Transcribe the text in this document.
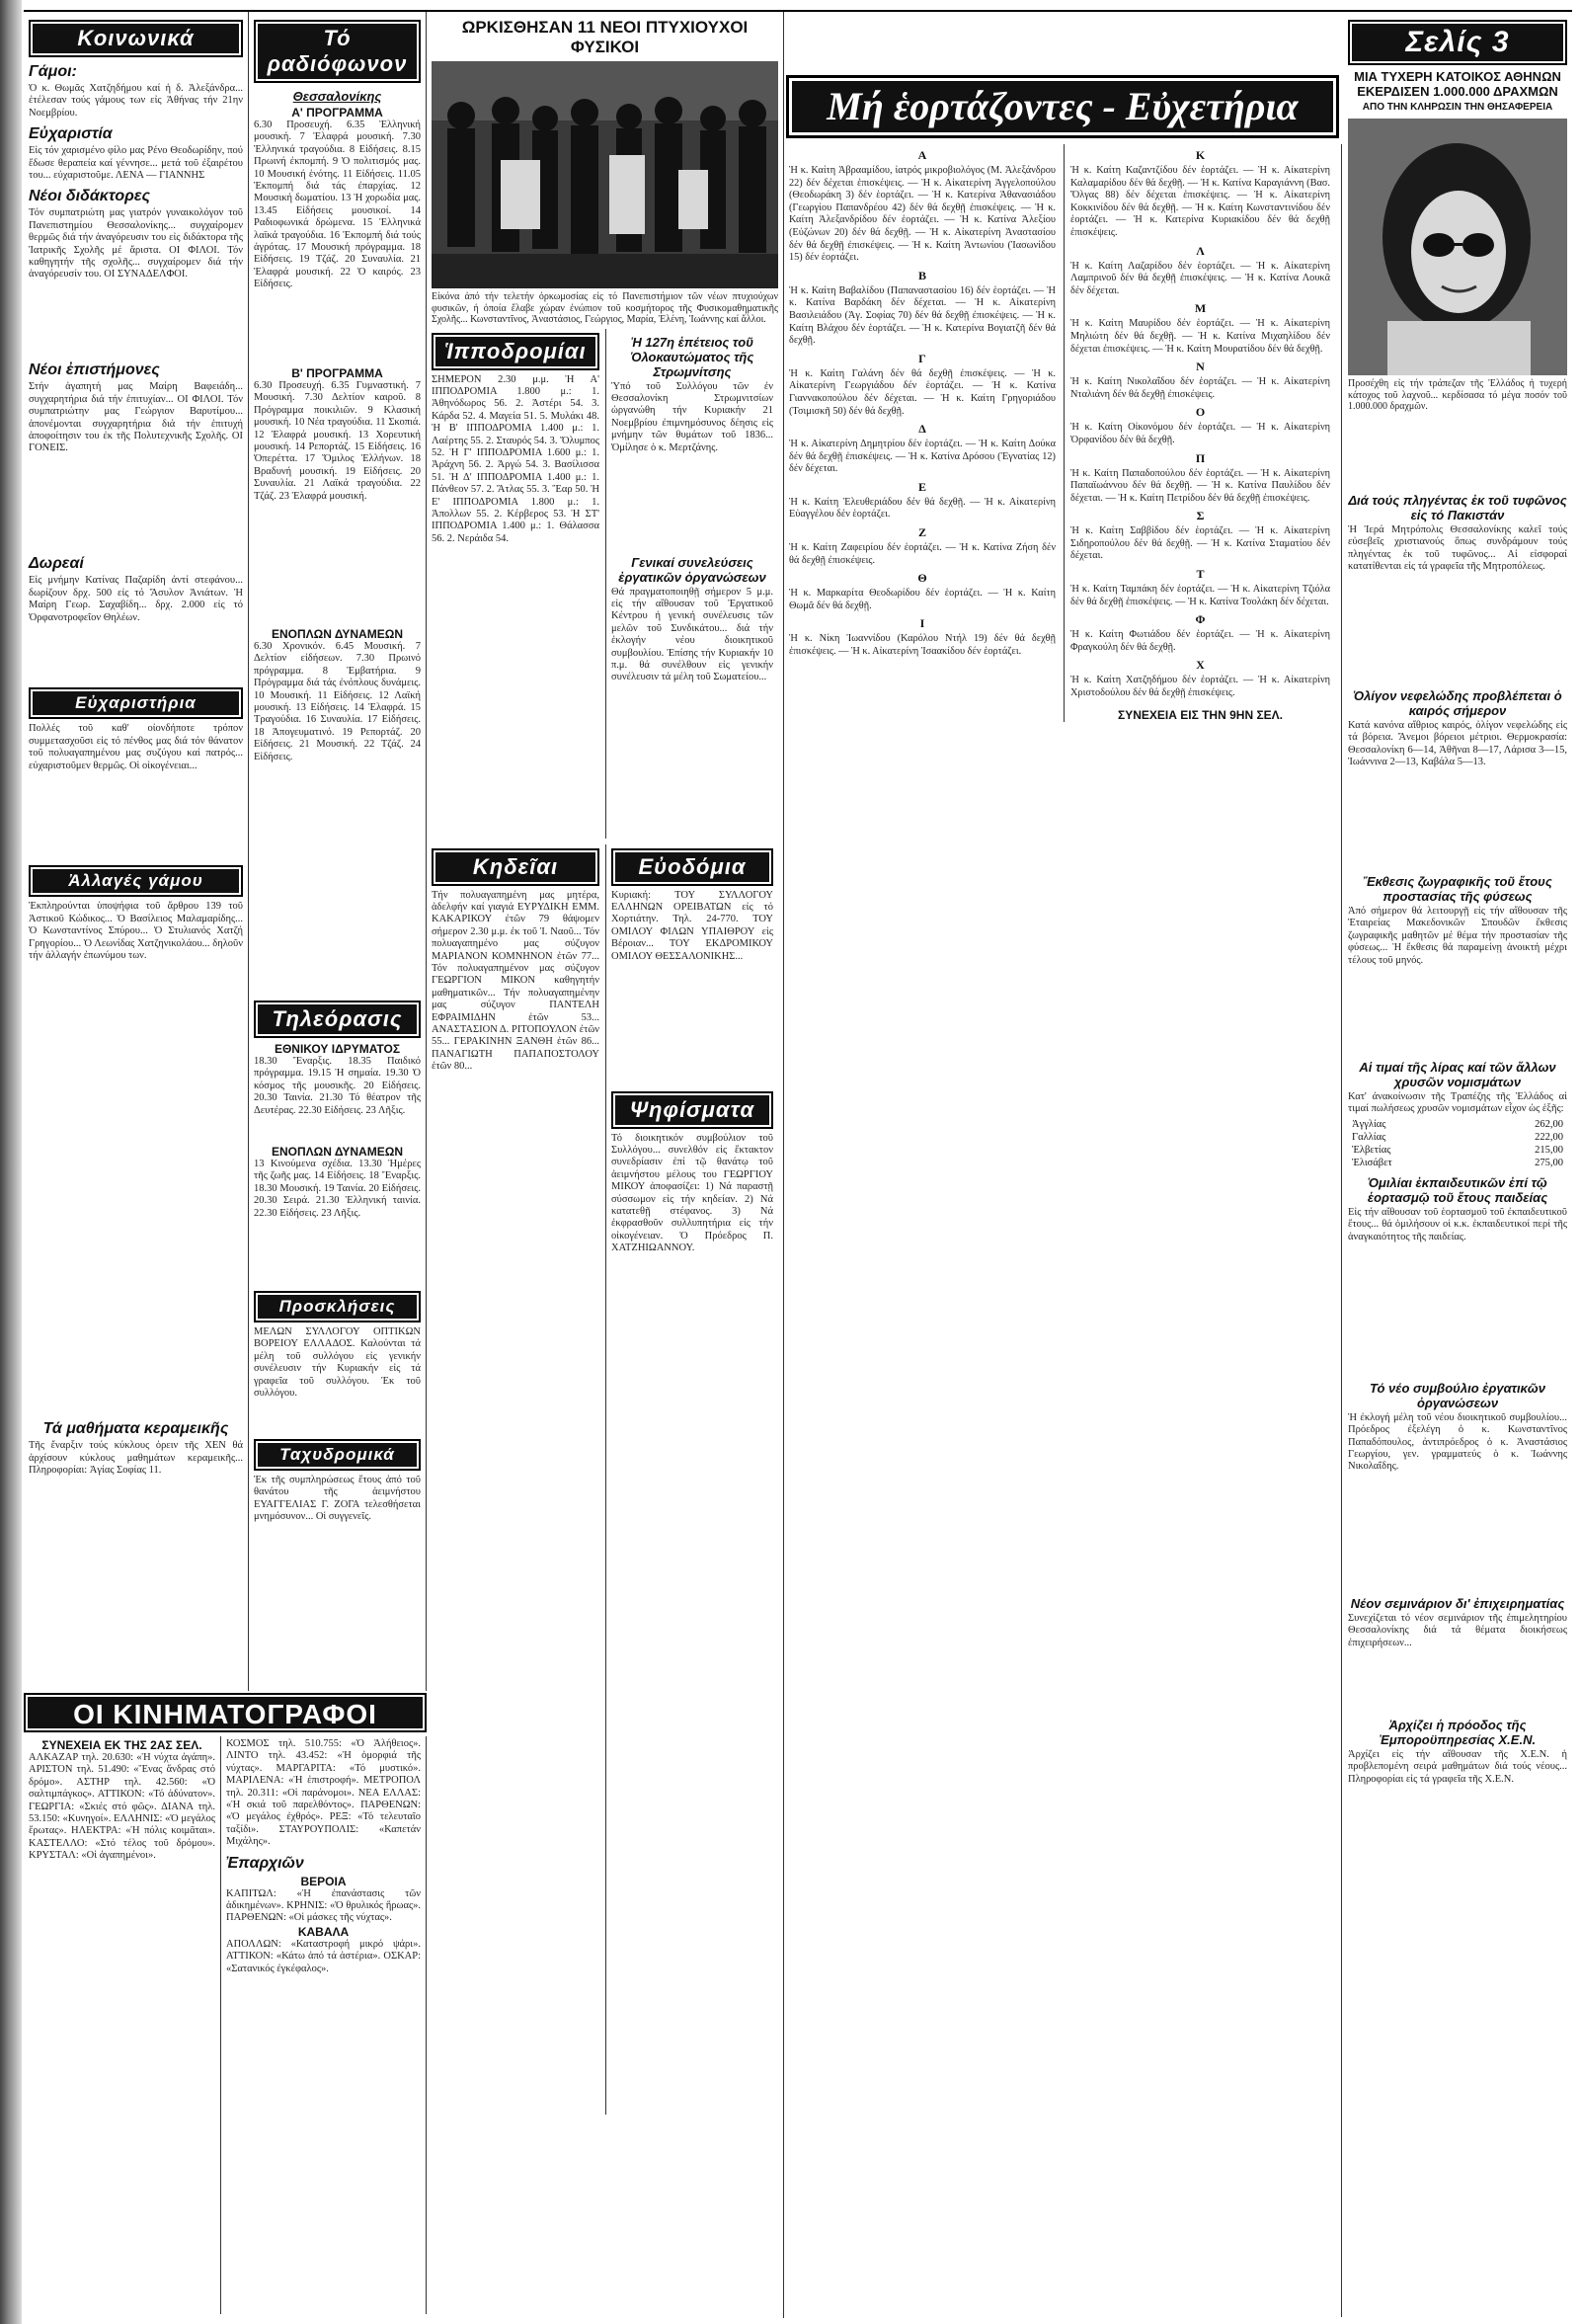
Κοινωνικά
Γάμοι:
Ὁ κ. Θωμᾶς Χατζηδήμου καί ἡ δ. Ἀλεξάνδρα... ἐτέλεσαν τούς γάμους των εἰς Ἀθήνας τήν 21ην Νοεμβρίου.
Εὐχαριστία
Εἰς τόν χαρισμένο φίλο μας Ρένο Θεοδωρίδην, πού ἔδωσε θεραπεία καί γέννησε... μετά τοῦ ἐξαιρέτου του... εὐχαριστοῦμε. ΛΕΝΑ — ΓΙΑΝΝΗΣ
Νέοι διδάκτορες
Τόν συμπατριώτη μας γιατρόν γυναικολόγον τοῦ Πανεπιστημίου Θεσσαλονίκης... συγχαίρομεν θερμῶς διά τήν ἀναγόρευσιν του εἰς διδάκτορα τῆς Ἰατρικῆς Σχολῆς μέ ἄριστα. ΟΙ ΦΙΛΟΙ. Τόν καθηγητήν τῆς σχολῆς... συγχαίρομεν διά τήν ἀναγόρευσίν του. ΟΙ ΣΥΝΑΔΕΛΦΟΙ.
Νέοι ἐπιστήμονες
Στήν ἀγαπητή μας Μαίρη Βαφειάδη... συγχαρητήρια διά τήν ἐπιτυχίαν... ΟΙ ΦΙΛΟΙ. Τόν συμπατριώτην μας Γεώργιον Βαρυτίμου... ἀπονέμονται συγχαρητήρια διά τήν ἐπιτυχή ἀποφοίτησιν του ἐκ τῆς Πολυτεχνικῆς Σχολῆς. ΟΙ ΓΟΝΕΙΣ.
Δωρεαί
Εἰς μνήμην Κατίνας Παζαρίδη ἀντί στεφάνου... δωρίζουν δρχ. 500 εἰς τό Ἄσυλον Ἀνιάτων. Ἡ Μαίρη Γεωρ. Σαχαβίδη... δρχ. 2.000 εἰς τό Ὀρφανοτροφεῖον Θηλέων.
Εὐχαριστήρια
Πολλές τοῦ καθ' οἰονδήποτε τρόπον συμμετασχοῦσι εἰς τό πένθος μας διά τόν θάνατον τοῦ πολυαγαπημένου μας συζύγου καί πατρός... εὐχαριστοῦμεν θερμῶς. Οἱ οἰκογένειαι...
Ἀλλαγές γάμου
Ἐκπληρούνται ὑποψήφια τοῦ ἄρθρου 139 τοῦ Ἀστικοῦ Κώδικος... Ὁ Βασίλειος Μαλαμαρίδης... Ὁ Κωνσταντίνος Σπύρου... Ὁ Στυλιανός Χατζή Γρηγορίου... Ὁ Λεωνίδας Χατζηνικολάου... δηλοῦν τήν ἀλλαγήν ἐπωνύμου των.
Τά μαθήματα κεραμεικῆς
Τῆς ἔναρξιν τούς κύκλους ὀρειν τῆς ΧΕΝ θά ἀρχίσουν κύκλους μαθημάτων κεραμεικῆς... Πληροφορίαι: Ἁγίας Σοφίας 11.
Τό ραδιόφωνον
Θεσσαλονίκης
Α' ΠΡΟΓΡΑΜΜΑ
6.30 Προσευχή. 6.35 Ἑλληνική μουσική. 7 Ἐλαφρά μουσική. 7.30 Ἐλληνικά τραγούδια. 8 Εἰδήσεις. 8.15 Πρωινή ἐκπομπή. 9 Ὁ πολιτισμός μας. 10 Μουσική ἑνότης. 11 Εἰδήσεις. 11.05 Ἐκπομπή διά τάς ἐπαρχίας. 12 Μουσική δωματίου. 13 Ἡ χορωδία μας. 13.45 Εἰδήσεις μουσικοί. 14 Ραδιοφωνικά δρώμενα. 15 Ἑλληνικά λαϊκά τραγούδια. 16 Ἐκπομπή διά τούς ἀγρότας. 17 Μουσική πρόγραμμα. 18 Εἰδήσεις. 19 Τζάζ. 20 Συναυλία. 21 Ἐλαφρά μουσική. 22 Ὁ καιρός. 23 Εἰδήσεις.
Β' ΠΡΟΓΡΑΜΜΑ
6.30 Προσευχή. 6.35 Γυμναστική. 7 Μουσική. 7.30 Δελτίον καιροῦ. 8 Πρόγραμμα ποικιλιῶν. 9 Κλασική μουσική. 10 Νέα τραγούδια. 11 Σκοπιά. 12 Ἐλαφρά μουσική. 13 Χορευτική μουσική. 14 Ρεπορτάζ. 15 Εἰδήσεις. 16 Ὀπερέττα. 17 Ὅμιλος Ἑλλήνων. 18 Βραδυνή μουσική. 19 Εἰδήσεις. 20 Συναυλία. 21 Λαϊκά τραγούδια. 22 Τζάζ. 23 Ἐλαφρά μουσική.
ΕΝΟΠΛΩΝ ΔΥΝΑΜΕΩΝ
6.30 Χρονικόν. 6.45 Μουσική. 7 Δελτίον εἰδήσεων. 7.30 Πρωινό πρόγραμμα. 8 Ἐμβατήρια. 9 Πρόγραμμα διά τάς ἐνόπλους δυνάμεις. 10 Μουσική. 11 Εἰδήσεις. 12 Λαϊκή μουσική. 13 Εἰδήσεις. 14 Ἐλαφρά. 15 Τραγούδια. 16 Συναυλία. 17 Εἰδήσεις. 18 Ἀπογευματινό. 19 Ρεπορτάζ. 20 Εἰδήσεις. 21 Μουσική. 22 Τζάζ. 24 Εἰδήσεις.
Τηλεόρασις
ΕΘΝΙΚΟΥ ΙΔΡΥΜΑΤΟΣ
18.30 Ἔναρξις. 18.35 Παιδικό πρόγραμμα. 19.15 Ἡ σημαία. 19.30 Ὁ κόσμος τῆς μουσικῆς. 20 Εἰδήσεις. 20.30 Ταινία. 21.30 Τό θέατρον τῆς Δευτέρας. 22.30 Εἰδήσεις. 23 Λῆξις.
ΕΝΟΠΛΩΝ ΔΥΝΑΜΕΩΝ
13 Κινούμενα σχέδια. 13.30 Ἡμέρες τῆς ζωῆς μας. 14 Εἰδήσεις. 18 Ἔναρξις. 18.30 Μουσική. 19 Ταινία. 20 Εἰδήσεις. 20.30 Σειρά. 21.30 Ἑλληνική ταινία. 22.30 Εἰδήσεις. 23 Λῆξις.
Προσκλήσεις
ΜΕΛΩΝ ΣΥΛΛΟΓΟΥ ΟΠΤΙΚΩΝ ΒΟΡΕΙΟΥ ΕΛΛΑΔΟΣ. Καλούνται τά μέλη τοῦ συλλόγου εἰς γενικήν συνέλευσιν τήν Κυριακήν εἰς τά γραφεῖα τοῦ συλλόγου. Ἐκ τοῦ συλλόγου.
Ταχυδρομικά
Ἐκ τῆς συμπληρώσεως ἔτους ἀπό τοῦ θανάτου τῆς ἀειμνήστου ΕΥΑΓΓΕΛΙΑΣ Γ. ΖΟΓΑ τελεσθήσεται μνημόσυνον... Οἱ συγγενεῖς.
ΟΙ ΚΙΝΗΜΑΤΟΓΡΑΦΟΙ
ΣΥΝΕΧΕΙΑ ΕΚ ΤΗΣ 2ΑΣ ΣΕΛ.
ΑΛΚΑΖΑΡ τηλ. 20.630: «Ἡ νύχτα ἀγάπη». ΑΡΙΣΤΟΝ τηλ. 51.490: «Ἕνας ἄνδρας στό δρόμο». ΑΣΤΗΡ τηλ. 42.560: «Ὁ σαλτιμπάγκος». ΑΤΤΙΚΟΝ: «Τό ἀδύνατον». ΓΕΩΡΓΙΑ: «Σκιές στό φῶς». ΔΙΑΝΑ τηλ. 53.150: «Κυνηγοί». ΕΛΛΗΝΙΣ: «Ὁ μεγάλος ἔρωτας». ΗΛΕΚΤΡΑ: «Ἡ πόλις κοιμᾶται». ΚΑΣΤΕΛΛΟ: «Στό τέλος τοῦ δρόμου». ΚΡΥΣΤΑΛ: «Οἱ ἀγαπημένοι».
ΚΟΣΜΟΣ τηλ. 510.755: «Ὁ Ἀλήθειος». ΛΙΝΤΟ τηλ. 43.452: «Ἡ ὀμορφιά τῆς νύχτας». ΜΑΡΓΑΡΙΤΑ: «Τό μυστικό». ΜΑΡΙΛΕΝΑ: «Ἡ ἐπιστροφή». ΜΕΤΡΟΠΟΛ τηλ. 20.311: «Οἱ παράνομοι». ΝΕΑ ΕΛΛΑΣ: «Ἡ σκιά τοῦ παρελθόντος». ΠΑΡΘΕΝΩΝ: «Ὁ μεγάλος ἐχθρός». ΡΕΞ: «Τό τελευταῖο ταξίδι». ΣΤΑΥΡΟΥΠΟΛΙΣ: «Καπετάν Μιχάλης».
Ἐπαρχιῶν
ΒΕΡΟΙΑ
ΚΑΠΙΤΩΛ: «Ἡ ἐπανάστασις τῶν ἀδικημένων». ΚΡΗΝΙΣ: «Ὁ θρυλικός ἥρωας». ΠΑΡΘΕΝΩΝ: «Οἱ μάσκες τῆς νύχτας».
ΚΑΒΑΛΑ
ΑΠΟΛΛΩΝ: «Καταστροφή μικρό ψάρι». ΑΤΤΙΚΟΝ: «Κάτω ἀπό τά ἀστέρια». ΟΣΚΑΡ: «Σατανικός ἐγκέφαλος».
ΩΡΚΙΣΘΗΣΑΝ 11 ΝΕΟΙ ΠΤΥΧΙΟΥΧΟΙ ΦΥΣΙΚΟΙ
Εἰκόνα ἀπό τήν τελετήν ὁρκωμοσίας εἰς τό Πανεπιστήμιον τῶν νέων πτυχιούχων φυσικῶν, ἡ ὁποία ἔλαβε χώραν ἐνώπιον τοῦ κοσμήτορος τῆς Φυσικομαθηματικῆς Σχολῆς... Κωνσταντῖνος, Ἀναστάσιος, Γεώργιος, Μαρία, Ἑλένη, Ἰωάννης καί ἄλλοι.
Ἱπποδρομίαι
ΣΗΜΕΡΟΝ 2.30 μ.μ. Ἡ Α' ΙΠΠΟΔΡΟΜΙΑ 1.800 μ.: 1. Ἀθηνόδωρος 56. 2. Ἀστέρι 54. 3. Κάρδα 52. 4. Μαγεία 51. 5. Μυλάκι 48. Ἡ Β' ΙΠΠΟΔΡΟΜΙΑ 1.400 μ.: 1. Λαέρτης 55. 2. Σταυρός 54. 3. Ὄλυμπος 52. Ἡ Γ' ΙΠΠΟΔΡΟΜΙΑ 1.600 μ.: 1. Ἀράχνη 56. 2. Ἀργώ 54. 3. Βασίλισσα 51. Ἡ Δ' ΙΠΠΟΔΡΟΜΙΑ 1.400 μ.: 1. Πάνθεον 57. 2. Ἄτλας 55. 3. Ἔαρ 50. Ἡ Ε' ΙΠΠΟΔΡΟΜΙΑ 1.800 μ.: 1. Ἀπολλων 55. 2. Κέρβερος 53. Ἡ ΣΤ' ΙΠΠΟΔΡΟΜΙΑ 1.400 μ.: 1. Θάλασσα 56. 2. Νεράιδα 54.
Ἡ 127η ἐπέτειος τοῦ Ὁλοκαυτώματος τῆς Στρωμνίτσης
Ὑπό τοῦ Συλλόγου τῶν ἐν Θεσσαλονίκη Στρωμνιτσίων ὠργανώθη τήν Κυριακήν 21 Νοεμβρίου ἐπιμνημόσυνος δέησις εἰς μνήμην τῶν θυμάτων τοῦ 1836... Ὁμίλησε ὁ κ. Μερτζάνης.
Γενικαί συνελεύσεις ἐργατικῶν ὀργανώσεων
Θά πραγματοποιηθῇ σήμερον 5 μ.μ. εἰς τήν αἴθουσαν τοῦ Ἐργατικοῦ Κέντρου ἡ γενική συνέλευσις τῶν μελῶν τοῦ Συνδικάτου... διά τήν ἐκλογήν νέου διοικητικοῦ συμβουλίου. Ἐπίσης τήν Κυριακήν 10 π.μ. θά συνέλθουν εἰς γενικήν συνέλευσιν τά μέλη τοῦ Σωματείου...
Κηδεῖαι
Τήν πολυαγαπημένη μας μητέρα, ἀδελφήν καί γιαγιά ΕΥΡΥΔΙΚΗ ΕΜΜ. ΚΑΚΑΡΙΚΟΥ ἐτῶν 79 θάψομεν σήμερον 2.30 μ.μ. ἐκ τοῦ Ἱ. Ναοῦ... Τόν πολυαγαπημένο μας σύζυγον ΜΑΡΙΑΝΟΝ ΚΟΜΝΗΝΟΝ ἐτῶν 77... Τόν πολυαγαπημένον μας σύζυγον ΓΕΩΡΓΙΟΝ ΜΙΚΟΝ καθηγητήν μαθηματικῶν... Τήν πολυαγαπημένην μας σύζυγον ΠΑΝΤΕΛΗ ΕΦΡΑΙΜΙΔΗΝ ἐτῶν 53... ΑΝΑΣΤΑΣΙΟΝ Δ. ΡΙΤΟΠΟΥΛΟΝ ἐτῶν 55... ΓΕΡΑΚΙΝΗΝ ΞΑΝΘΗ ἐτῶν 86... ΠΑΝΑΓΙΩΤΗ ΠΑΠΑΠΟΣΤΟΛΟΥ ἐτῶν 80...
Εὐοδόμια
Κυριακή: ΤΟΥ ΣΥΛΛΟΓΟΥ ΕΛΛΗΝΩΝ ΟΡΕΙΒΑΤΩΝ εἰς τό Χορτιάτην. Τηλ. 24-770. ΤΟΥ ΟΜΙΛΟΥ ΦΙΛΩΝ ΥΠΑΙΘΡΟΥ εἰς Βέροιαν... ΤΟΥ ΕΚΔΡΟΜΙΚΟΥ ΟΜΙΛΟΥ ΘΕΣΣΑΛΟΝΙΚΗΣ...
Ψηφίσματα
Τό διοικητικόν συμβούλιον τοῦ Συλλόγου... συνελθόν εἰς ἔκτακτον συνεδρίασιν ἐπί τῷ θανάτῳ τοῦ ἀειμνήστου μέλους του ΓΕΩΡΓΙΟΥ ΜΙΚΟΥ ἀποφασίζει: 1) Νά παραστῇ σύσσωμον εἰς τήν κηδείαν. 2) Νά κατατεθῇ στέφανος. 3) Νά ἐκφρασθοῦν συλλυπητήρια εἰς τήν οἰκογένειαν. Ὁ Πρόεδρος Π. ΧΑΤΖΗΙΩΑΝΝΟΥ.
Μή ἑορτάζοντες - Εὐχετήρια
Α
Ἡ κ. Καίτη Ἀβρααμίδου, ἰατρός μικροβιολόγος (Μ. Ἀλεξάνδρου 22) δέν δέχεται ἐπισκέψεις. — Ἡ κ. Αἰκατερίνη Ἀγγελοπούλου (Θεοδωράκη 3) δέν ἑορτάζει. — Ἡ κ. Κατερίνα Ἀθανασιάδου (Γεωργίου Παπανδρέου 42) δέν θά δεχθῇ ἐπισκέψεις. — Ἡ κ. Καίτη Ἀλεξανδρίδου δέν ἑορτάζει. — Ἡ κ. Κατίνα Ἀλεξίου (Εὐζώνων 20) δέν θά δεχθῇ. — Ἡ κ. Αἰκατερίνη Ἀναστασίου δέν θά δεχθῇ ἐπισκέψεις. — Ἡ κ. Καίτη Ἀντωνίου (Ἰασωνίδου 15) δέν ἑορτάζει.
Β
Ἡ κ. Καίτη Βαβαλίδου (Παπαναστασίου 16) δέν ἑορτάζει. — Ἡ κ. Κατίνα Βαρδάκη δέν δέχεται. — Ἡ κ. Αἰκατερίνη Βασιλειάδου (Ἀγ. Σοφίας 70) δέν θά δεχθῇ ἐπισκέψεις. — Ἡ κ. Καίτη Βλάχου δέν ἑορτάζει. — Ἡ κ. Κατερίνα Βογιατζῆ δέν θά δεχθῇ.
Γ
Ἡ κ. Καίτη Γαλάνη δέν θά δεχθῇ ἐπισκέψεις. — Ἡ κ. Αἰκατερίνη Γεωργιάδου δέν ἑορτάζει. — Ἡ κ. Κατίνα Γιαννακοπούλου δέν δέχεται. — Ἡ κ. Καίτη Γρηγοριάδου (Τσιμισκῆ 50) δέν θά δεχθῇ.
Δ
Ἡ κ. Αἰκατερίνη Δημητρίου δέν ἑορτάζει. — Ἡ κ. Καίτη Δούκα δέν θά δεχθῇ ἐπισκέψεις. — Ἡ κ. Κατίνα Δρόσου (Ἐγνατίας 12) δέν δέχεται.
Ε
Ἡ κ. Καίτη Ἐλευθεριάδου δέν θά δεχθῇ. — Ἡ κ. Αἰκατερίνη Εὐαγγέλου δέν ἑορτάζει.
Ζ
Ἡ κ. Καίτη Ζαφειρίου δέν ἑορτάζει. — Ἡ κ. Κατίνα Ζήση δέν θά δεχθῇ ἐπισκέψεις.
Θ
Ἡ κ. Μαρκαρίτα Θεοδωρίδου δέν ἑορτάζει. — Ἡ κ. Καίτη Θωμᾶ δέν θά δεχθῇ.
Ι
Ἡ κ. Νίκη Ἰωαννίδου (Καρόλου Ντήλ 19) δέν θά δεχθῇ ἐπισκέψεις. — Ἡ κ. Αἰκατερίνη Ἰσαακίδου δέν ἑορτάζει.
Κ
Ἡ κ. Καίτη Καζαντζίδου δέν ἑορτάζει. — Ἡ κ. Αἰκατερίνη Καλαμαρίδου δέν θά δεχθῇ. — Ἡ κ. Κατίνα Καραγιάννη (Βασ. Ὄλγας 88) δέν δέχεται ἐπισκέψεις. — Ἡ κ. Αἰκατερίνη Κοκκινίδου δέν θά δεχθῇ. — Ἡ κ. Καίτη Κωνσταντινίδου δέν ἑορτάζει. — Ἡ κ. Κατερίνα Κυριακίδου δέν θά δεχθῇ ἐπισκέψεις.
Λ
Ἡ κ. Καίτη Λαζαρίδου δέν ἑορτάζει. — Ἡ κ. Αἰκατερίνη Λαμπρινοῦ δέν θά δεχθῇ ἐπισκέψεις. — Ἡ κ. Κατίνα Λουκᾶ δέν δέχεται.
Μ
Ἡ κ. Καίτη Μαυρίδου δέν ἑορτάζει. — Ἡ κ. Αἰκατερίνη Μηλιώτη δέν θά δεχθῇ. — Ἡ κ. Κατίνα Μιχαηλίδου δέν δέχεται ἐπισκέψεις. — Ἡ κ. Καίτη Μουρατίδου δέν θά δεχθῇ.
Ν
Ἡ κ. Καίτη Νικολαΐδου δέν ἑορτάζει. — Ἡ κ. Αἰκατερίνη Νταλιάνη δέν θά δεχθῇ ἐπισκέψεις.
Ο
Ἡ κ. Καίτη Οἰκονόμου δέν ἑορτάζει. — Ἡ κ. Αἰκατερίνη Ὀρφανίδου δέν θά δεχθῇ.
Π
Ἡ κ. Καίτη Παπαδοπούλου δέν ἑορτάζει. — Ἡ κ. Αἰκατερίνη Παπαϊωάννου δέν θά δεχθῇ. — Ἡ κ. Κατίνα Παυλίδου δέν δέχεται. — Ἡ κ. Καίτη Πετρίδου δέν θά δεχθῇ ἐπισκέψεις.
Σ
Ἡ κ. Καίτη Σαββίδου δέν ἑορτάζει. — Ἡ κ. Αἰκατερίνη Σιδηροπούλου δέν θά δεχθῇ. — Ἡ κ. Κατίνα Σταματίου δέν δέχεται.
Τ
Ἡ κ. Καίτη Ταμπάκη δέν ἑορτάζει. — Ἡ κ. Αἰκατερίνη Τζιόλα δέν θά δεχθῇ ἐπισκέψεις. — Ἡ κ. Κατίνα Τσολάκη δέν δέχεται.
Φ
Ἡ κ. Καίτη Φωτιάδου δέν ἑορτάζει. — Ἡ κ. Αἰκατερίνη Φραγκούλη δέν θά δεχθῇ.
Χ
Ἡ κ. Καίτη Χατζηδήμου δέν ἑορτάζει. — Ἡ κ. Αἰκατερίνη Χριστοδούλου δέν θά δεχθῇ ἐπισκέψεις.
ΣΥΝΕΧΕΙΑ ΕΙΣ ΤΗΝ 9ΗΝ ΣΕΛ.
Σελίς 3
ΜΙΑ ΤΥΧΕΡΗ ΚΑΤΟΙΚΟΣ ΑΘΗΝΩΝ ΕΚΕΡΔΙΣΕΝ 1.000.000 ΔΡΑΧΜΩΝ
ΑΠΟ ΤΗΝ ΚΛΗΡΩΣΙΝ ΤΗΝ ΘΗΣΑΦΕΡΕΙΑ
Προσέχθη εἰς τήν τράπεζαν τῆς Ἑλλάδος ἡ τυχερή κάτοχος τοῦ λαχνοῦ... κερδίσασα τό μέγα ποσόν τοῦ 1.000.000 δραχμῶν.
Διά τούς πληγέντας ἐκ τοῦ τυφῶνος εἰς τό Πακιστάν
Ἡ Ἱερά Μητρόπολις Θεσσαλονίκης καλεῖ τούς εὐσεβεῖς χριστιανούς ὅπως συνδράμουν τούς πληγέντας ἐκ τοῦ τυφῶνος... Αἱ εἰσφοραί κατατίθενται εἰς τά γραφεῖα τῆς Μητροπόλεως.
Ὀλίγον νεφελώδης προβλέπεται ὁ καιρός σήμερον
Κατά κανόνα αἴθριος καιρός, ὀλίγον νεφελώδης εἰς τά βόρεια. Ἄνεμοι βόρειοι μέτριοι. Θερμοκρασία: Θεσσαλονίκη 6—14, Ἀθῆναι 8—17, Λάρισα 3—15, Ἰωάννινα 2—13, Καβάλα 5—13.
Ἔκθεσις ζωγραφικῆς τοῦ ἔτους προστασίας τῆς φύσεως
Ἀπό σήμερον θά λειτουργῇ εἰς τήν αἴθουσαν τῆς Ἑταιρείας Μακεδονικῶν Σπουδῶν ἔκθεσις ζωγραφικῆς μαθητῶν μέ θέμα τήν προστασίαν τῆς φύσεως... Ἡ ἔκθεσις θά παραμείνῃ ἀνοικτή μέχρι τέλους τοῦ μηνός.
Αἱ τιμαί τῆς λίρας καί τῶν ἄλλων χρυσῶν νομισμάτων
Κατ' ἀνακοίνωσιν τῆς Τραπέζης τῆς Ἑλλάδος αἱ τιμαί πωλήσεως χρυσῶν νομισμάτων εἶχον ὡς ἑξῆς:
Ἀγγλίας	262,00
Γαλλίας	222,00
Ἑλβετίας	215,00
Ἐλισάβετ	275,00
Ὁμιλίαι ἐκπαιδευτικῶν ἐπί τῷ ἑορτασμῷ τοῦ ἔτους παιδείας
Εἰς τήν αἴθουσαν τοῦ ἑορτασμοῦ τοῦ ἐκπαιδευτικοῦ ἔτους... θά ὁμιλήσουν οἱ κ.κ. ἐκπαιδευτικοί περί τῆς ἀναγκαιότητος τῆς παιδείας.
Τό νέο συμβούλιο ἐργατικῶν ὀργανώσεων
Ἡ ἐκλογή μέλη τοῦ νέου διοικητικοῦ συμβουλίου... Πρόεδρος ἐξελέγη ὁ κ. Κωνσταντῖνος Παπαδόπουλος, ἀντιπρόεδρος ὁ κ. Ἀναστάσιος Γεωργίου, γεν. γραμματεύς ὁ κ. Ἰωάννης Νικολαΐδης.
Νέον σεμινάριον δι' ἐπιχειρηματίας
Συνεχίζεται τό νέον σεμινάριον τῆς ἐπιμελητηρίου Θεσσαλονίκης διά τά θέματα διοικήσεως ἐπιχειρήσεων...
Ἀρχίζει ἡ πρόοδος τῆς Ἐμποροϋπηρεσίας Χ.Ε.Ν.
Ἀρχίζει εἰς τήν αἴθουσαν τῆς Χ.Ε.Ν. ἡ προβλεπομένη σειρά μαθημάτων διά τούς νέους... Πληροφορίαι εἰς τά γραφεῖα τῆς Χ.Ε.Ν.
